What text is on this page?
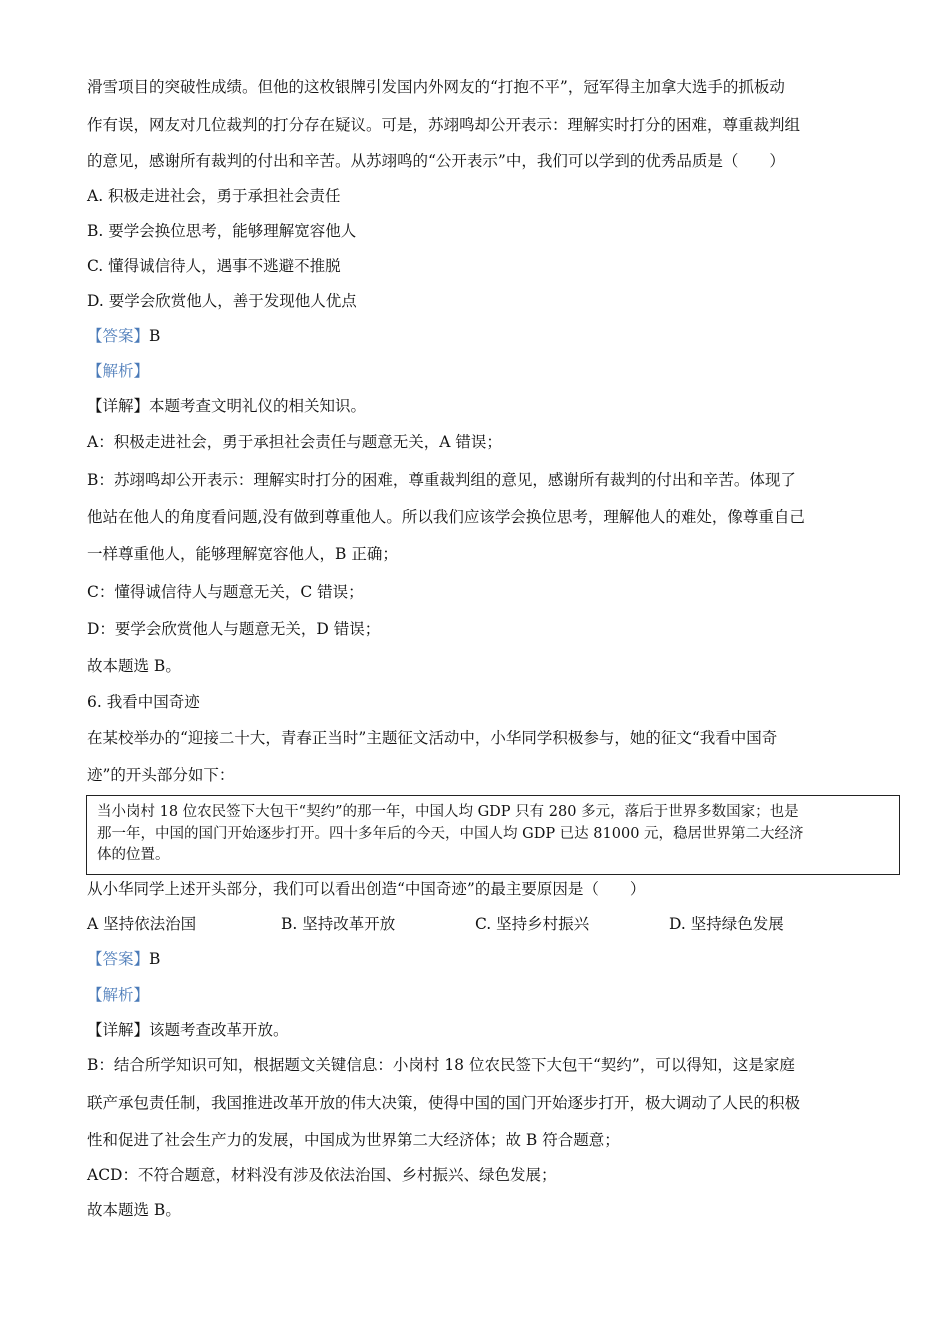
滑雪项目的突破性成绩。但他的这枚银牌引发国内外网友的“打抱不平”，冠军得主加拿大选手的抓板动
作有误，网友对几位裁判的打分存在疑议。可是，苏翊鸣却公开表示：理解实时打分的困难，尊重裁判组
的意见，感谢所有裁判的付出和辛苦。从苏翊鸣的“公开表示”中，我们可以学到的优秀品质是（　　）
A. 积极走进社会，勇于承担社会责任
B. 要学会换位思考，能够理解宽容他人
C. 懂得诚信待人，遇事不逃避不推脱
D. 要学会欣赏他人，善于发现他人优点
【答案】B
【解析】
【详解】本题考查文明礼仪的相关知识。
A：积极走进社会，勇于承担社会责任与题意无关，A 错误；
B：苏翊鸣却公开表示：理解实时打分的困难，尊重裁判组的意见，感谢所有裁判的付出和辛苦。体现了
他站在他人的角度看问题,没有做到尊重他人。所以我们应该学会换位思考，理解他人的难处，像尊重自己
一样尊重他人，能够理解宽容他人，B 正确；
C：懂得诚信待人与题意无关，C 错误；
D：要学会欣赏他人与题意无关，D 错误；
故本题选 B。
6. 我看中国奇迹
在某校举办的“迎接二十大，青春正当时”主题征文活动中，小华同学积极参与，她的征文“我看中国奇
迹”的开头部分如下：
当小岗村 18 位农民签下大包干“契约”的那一年，中国人均 GDP 只有 280 多元，落后于世界多数国家；也是
那一年，中国的国门开始逐步打开。四十多年后的今天，中国人均 GDP 已达 81000 元，稳居世界第二大经济
体的位置。
从小华同学上述开头部分，我们可以看出创造“中国奇迹”的最主要原因是（　　）
A 坚持依法治国	B. 坚持改革开放	C. 坚持乡村振兴	D. 坚持绿色发展
【答案】B
【解析】
【详解】该题考查改革开放。
B：结合所学知识可知，根据题文关键信息：小岗村 18 位农民签下大包干“契约”，可以得知，这是家庭
联产承包责任制，我国推进改革开放的伟大决策，使得中国的国门开始逐步打开，极大调动了人民的积极
性和促进了社会生产力的发展，中国成为世界第二大经济体；故 B 符合题意；
ACD：不符合题意，材料没有涉及依法治国、乡村振兴、绿色发展；
故本题选 B。
